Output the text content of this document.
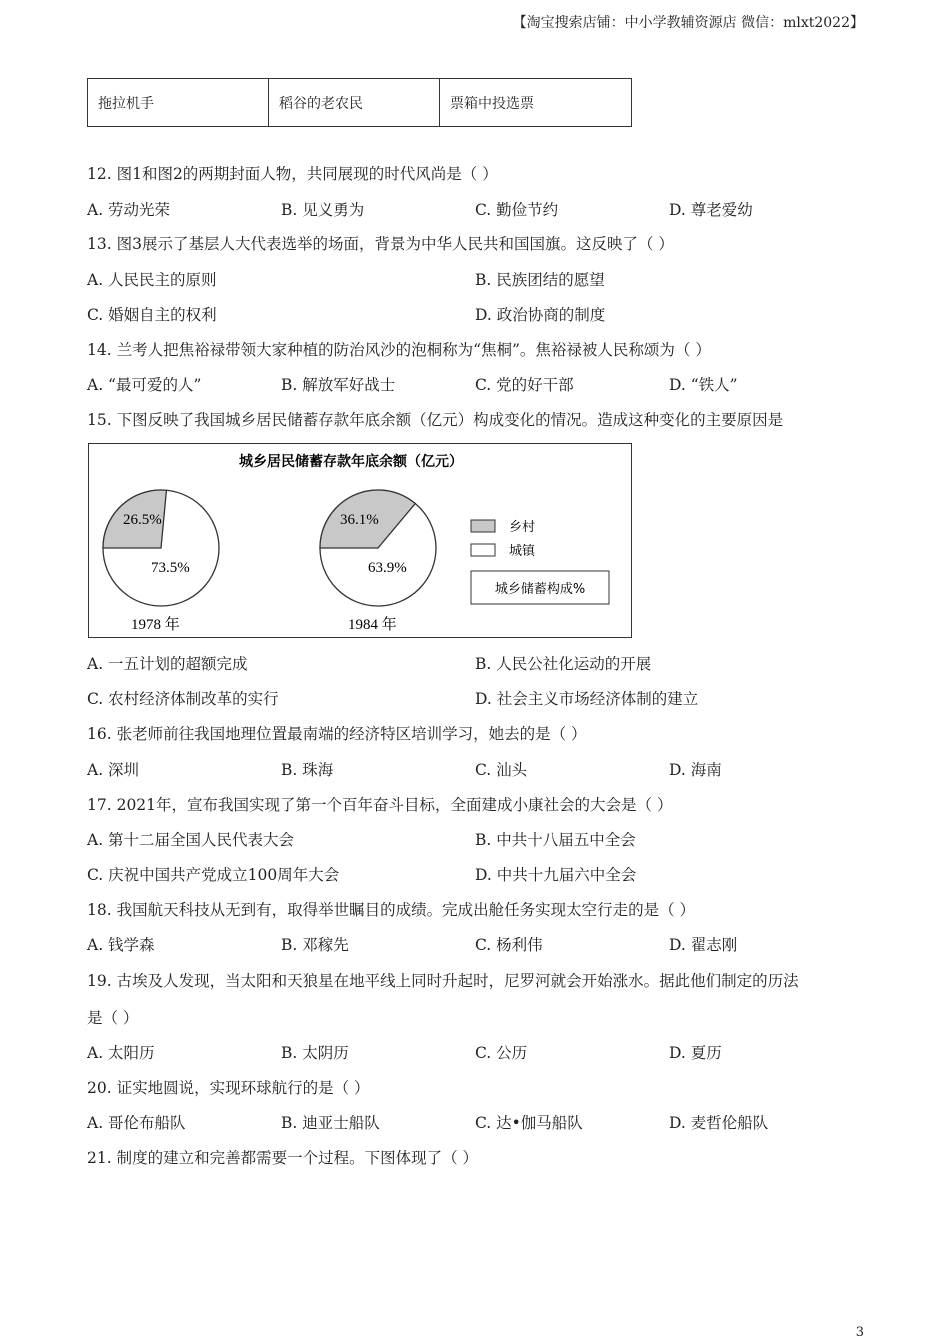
【淘宝搜索店铺：中小学教辅资源店 微信：mlxt2022】
拖拉机手	稻谷的老农民	票箱中投选票
12. 图1和图2的两期封面人物，共同展现的时代风尚是（ ）
A. 劳动光荣	B. 见义勇为	C. 勤俭节约	D. 尊老爱幼
13. 图3展示了基层人大代表选举的场面，背景为中华人民共和国国旗。这反映了（ ）
A. 人民民主的原则	B. 民族团结的愿望
C. 婚姻自主的权利	D. 政治协商的制度
14. 兰考人把焦裕禄带领大家种植的防治风沙的泡桐称为“焦桐”。焦裕禄被人民称颂为（ ）
A. “最可爱的人”	B. 解放军好战士	C. 党的好干部	D. “铁人”
15. 下图反映了我国城乡居民储蓄存款年底余额（亿元）构成变化的情况。造成这种变化的主要原因是
城乡居民储蓄存款年底余额（亿元）
26.5%
73.5%
1978 年
36.1%
63.9%
1984 年
乡村
城镇
城乡储蓄构成%
A. 一五计划的超额完成	B. 人民公社化运动的开展
C. 农村经济体制改革的实行	D. 社会主义市场经济体制的建立
16. 张老师前往我国地理位置最南端的经济特区培训学习，她去的是（ ）
A. 深圳	B. 珠海	C. 汕头	D. 海南
17. 2021年，宣布我国实现了第一个百年奋斗目标，全面建成小康社会的大会是（ ）
A. 第十二届全国人民代表大会	B. 中共十八届五中全会
C. 庆祝中国共产党成立100周年大会	D. 中共十九届六中全会
18. 我国航天科技从无到有，取得举世瞩目的成绩。完成出舱任务实现太空行走的是（ ）
A. 钱学森	B. 邓稼先	C. 杨利伟	D. 翟志刚
19. 古埃及人发现，当太阳和天狼星在地平线上同时升起时，尼罗河就会开始涨水。据此他们制定的历法
是（ ）
A. 太阳历	B. 太阴历	C. 公历	D. 夏历
20. 证实地圆说，实现环球航行的是（ ）
A. 哥伦布船队	B. 迪亚士船队	C. 达•伽马船队	D. 麦哲伦船队
21. 制度的建立和完善都需要一个过程。下图体现了（ ）
3
